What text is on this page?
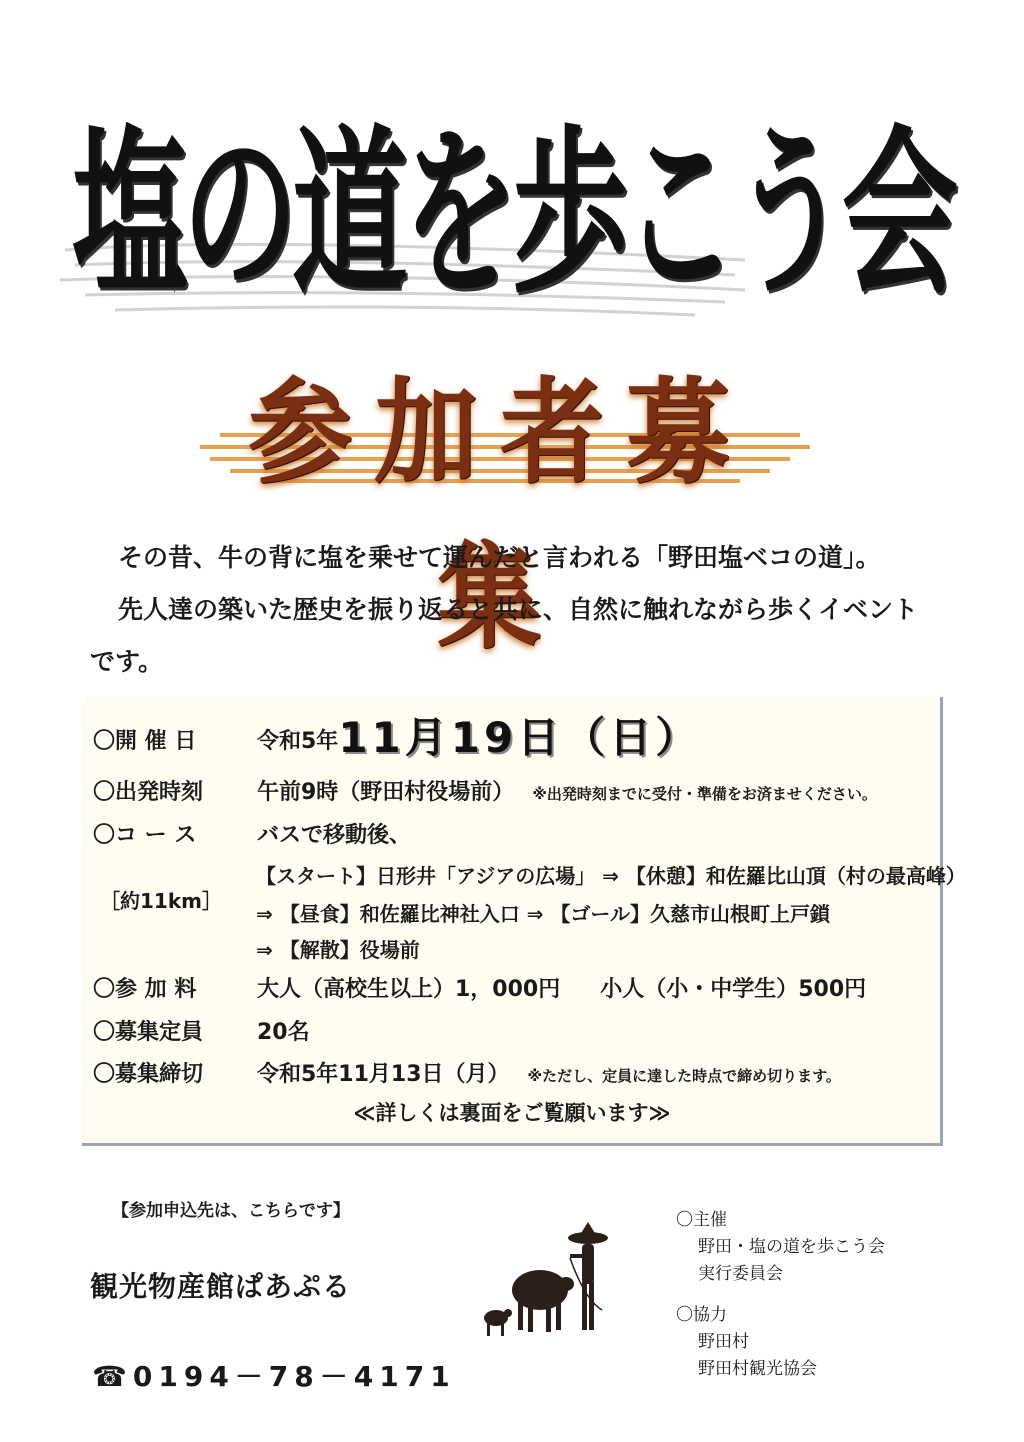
塩の道を歩こう会
参加者募集

その昔、牛の背に塩を乗せて運んだと言われる「野田塩ベコの道」。

先人達の築いた歴史を振り返ると共に、自然に触れながら歩くイベント

です。

〇開 催 日	令和5年11月19日（日）
〇出発時刻 午前9時（野田村役場前） ※出発時刻までに受付・準備をお済ませください。
〇コ ー ス	バスで移動後、
［約11km］
【スタート】日形井「アジアの広場」 ⇒ 【休憩】和佐羅比山頂（村の最高峰）
⇒ 【昼食】和佐羅比神社入口 ⇒ 【ゴール】久慈市山根町上戸鎖
⇒ 【解散】役場前
〇参 加 料	大人（高校生以上）1，000円 小人（小・中学生）500円
〇募集定員 20名
〇募集締切 令和5年11月13日（月） ※ただし、定員に達した時点で締め切ります。
≪詳しくは裏面をご覧願います≫
【参加申込先は、こちらです】
観光物産館ぱあぷる
☎0194－78－4171
〇主催
野田・塩の道を歩こう会
実行委員会
〇協力
野田村
野田村観光協会
